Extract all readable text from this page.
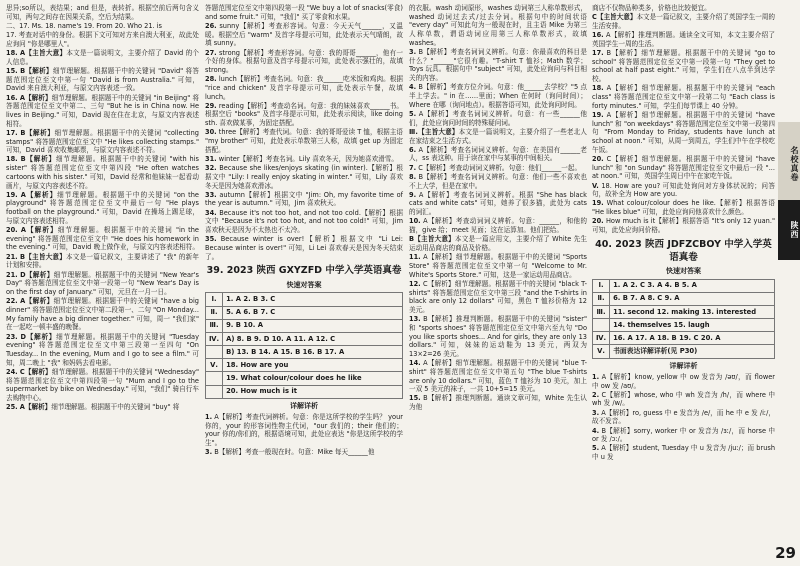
思异;so所以，表结果；and 但是，表转折。根据空前后两句含义可知，两句之间存在因果关系，空后为结果。
二、17. Ms. 18. name's 19. From 20. Who 21. is
17. 考查对话中的身份。根据下文可知对方来自澳大利亚，故此处应询问 "你是哪里人"。
18. A【主旨大意】本文是一篇说明文，主要介绍了 David 的个人信息。
15. B【解析】细节理解题。根据题干中的关键词 "David" 将答题范围定位至文中第一句 "David is from Australia." 可知，David 来自澳大利亚，与原文内容表述一致。
16. A【解析】细节理解题。根据题干中的关键词 "in Beijing" 将答题范围定位至文中第二、三句 "But he is in China now. He lives in Beijing." 可知，David 现在住在北京，与原文内容表述相符。
17. B【解析】细节理解题。根据题干中的关键词 "collecting stamps" 将答题范围定位至文中 "He likes collecting stamps." 可知，David 喜欢收集邮票，与原文内容表述不符。
18. B【解析】细节理解题。根据题干中的关键词 "with his sister" 将答题范围定位至文中第四段 "He often watches cartoons with his sister." 可知，David 经常和他妹妹一起看动画片，与原文内容表述不符。
19. A【解析】细节理解题。根据题干中的关键词 "on the playground" 将答题范围定位至文中最后一句 "He plays football on the playground." 可知，David 在操场上踢足球，与原文内容表述相符。
20. A【解析】细节理解题。根据题干中的关键词 "in the evening" 将答题范围定位至文中 "He does his homework in the evening." 可知，David 晚上做作业，与原文内容表述相符。
21. B【主旨大意】本文是一篇记叙文，主要讲述了 "我" 的新年计划和安排。
21. D【解析】细节理解题。根据题干中的关键词 "New Year's Day" 将答题范围定位至文中第一段第一句 "New Year's Day is on the first day of January." 可知，元旦在一月一日。
22. A【解析】细节理解题。根据题干中的关键词 "have a big dinner" 将答题范围定位至文中第二段第一、二句 "On Monday... My family have a big dinner together." 可知，周一 "我们家" 在一起吃一顿丰盛的晚餐。
23. D【解析】细节理解题。根据题干中的关键词 "Tuesday evening" 将答题范围定位至文中第三段第一至四句 "On Tuesday... In the evening, Mum and I go to see a film." 可知，周二晚上 "我" 和妈妈去看电影。
24. C【解析】细节理解题。根据题干中的关键词 "Wednesday" 将答题范围定位至文中第四段第一句 "Mum and I go to the supermarket by bike on Wednesday." 可知，"我们" 骑自行车去购物中心。
25. A【解析】细节理解题。根据题干中的关键词 "buy" 将
答题范围定位至文中第四段第一段 "We buy a lot of snacks(零食) and some fruit." 可知，"我们" 买了零食和水果。
26. sunny【解析】考查形容词。句意：今天天气______，又温暖。根据空后 "warm" 及首字母提示可知，此处表示天气晴朗，故填 sunny。
27. strong【解析】考查形容词。句意：我的哥哥______，他有一个好的身体。根据句意及首字母提示可知，此处表示强壮的，故填 strong。
28. lunch【解析】考查名词。句意：我______吃米饭和鸡肉。根据 "rice and chicken" 及首字母提示可知，此处表示午餐，故填 lunch。
29. reading【解析】考查动名词。句意：我的妹妹喜欢______书。根据空后 "books" 及首字母提示可知，此处表示阅读，like doing sth. 喜欢做某事，为固定搭配。
30. three【解析】考查代词。句意：我的哥哥爱读 T 恤，根据主语 "my brother" 可知，此处表示单数第三人称，故填 get up 为固定搭配。
31. winter【解析】考查名词。Lily 喜欢冬天，因为她喜欢滑雪。
32. Because she likes/enjoys skating (in winter).【解析】根据文中 "Lily: I really enjoy skating in winter." 可知，Lily 喜欢冬天是因为她喜欢滑冰。
33. autumn【解析】根据文中 "Jim: Oh, my favorite time of the year is autumn." 可知，Jim 喜欢秋天。
34. Because it's not too hot, and not too cold.【解析】根据文中 "Because it's not too hot, and not too cold!" 可知，Jim 喜欢秋天是因为不太热也不太冷。
35. Because winter is over!【解析】根据文中 "Li Lei: Because winter is over!" 可知，Li Lei 喜欢春天是因为冬天结束了。
39. 2023 陕西 GXYZFD 中学入学英语真卷
快速对答案
Ⅰ.	1. A 2. B 3. C
Ⅱ.	5. A 6. B 7. C
Ⅲ.	9. B 10. A
Ⅳ.	A) 8. B 9. D 10. A 11. A 12. C
	B) 13. B 14. A 15. B 16. B 17. A
Ⅴ.	18. How are you
	19. What colour/colour does he like
	20. How much is it
详解详析
1. A【解析】考查代词辨析。句意：你是这所学校的学生吗？ your 你的，your 的形容词性物主代词，"our 我们的；their 他们的；your 你的/你们的，根据语境可知，此处应表达 "你是这所学校的学生"。
3. B【解析】考查一般现在时。句意：Mike 每天______他
的衣服。wash 动词原形，washes 动词第三人称单数形式，washed 动词过去式/过去分词。根据句中的时间状语 "every day" 可知此句为一般现在时，且主语 Mike 为第三人称单数，谓语动词应用第三人称单数形式，故填 washes。
3. B【解析】考查名词词义辨析。句意：你最喜欢的科目是什么？"______"它很有趣。"T-shirt T 恤衫；Math 数学；Toys 玩具。根据句中 "subject" 可知，此处应询问与科目相关的内容。
4. B【解析】考查方位介词。句意：他______去学校？"5 点半上学去。" in 在……里面；When 在何时（询问时间）；Where 在哪（询问地点）。根据答语可知，此处询问时间。
5. A【解析】考查名词词义辨析。句意：有一些______他们，此处应询问时间的特殊疑问词。
Ⅲ.【主旨大意】本文是一篇说明文，主要介绍了一些老北人在家结束之生活方式。
6. A【解析】考查名词词义辨析。句意：在美国有______老人，ss 表这种。用于读在家中与某事的中间相关。
7. C【解析】考查动词词义辨析。句意：他们______一起。
8. B【解析】考查名词词义辨析。句意：他们一些不喜欢也不上大学，但是在家中。
9. A【解析】考查名词词义辨析。根据 "She has black cats and white cats" 可知，她养了很多猫，此处为 cats 的词汇。
10. A【解析】考查动词词义辨析。句意：______，和他的猫，give 给；meet 见面；这在运算加。他们把给。
B【主旨大意】本文是一篇应用文，主要介绍了 White 先生运动用品商店的商品及价格。
11. A【解析】细节理解题。根据题干中的关键词 "Sports Store" 将答题范围定位至文中第一句 "Welcome to Mr. White's Sports Store." 可知，这是一家运动用品商店。
12. C【解析】细节理解题。根据题干中的关键词 "black T-shirts" 将答题范围定位至文中第三段 "and the T-shirts in black are only 12 dollars" 可知，黑色 T 恤衫价格为 12 美元。
13. B【解析】推理判断题。根据题干中的关键词 "sister" 和 "sports shoes" 将答题范围定位至文中第六至九句 "Do you like sports shoes... And for girls, they are only 13 dollars." 可知，妹妹的运动鞋为 13 美元，两双为 13×2=26 美元。
14. A【解析】细节理解题。根据题干中的关键词 "blue T-shirt" 将答题范围定位至文中第五句 "The blue T-shirts are only 10 dollars." 可知，蓝色 T 恤衫为 10 美元，加上一双 5 美元的袜子，一共 10+5=15 美元。
15. B【解析】推理判断题。通读文章可知，White 先生认为他
商店不仅物品种类多，价格也比较便宜。
C【主旨大意】本文是一篇记叙文，主要介绍了英国学生一周的生活安排。
16. A【解析】推理判断题。通读全文可知，本文主要介绍了英国学生一周的生活。
17. B【解析】细节理解题。根据题干中的关键词 "go to school" 将答题范围定位至文中第一段第一句 "They get to school at half past eight." 可知，学生们在八点半到达学校。
18. A【解析】细节理解题。根据题干中的关键词 "each class" 将答题范围定位至文中第一段第二句 "Each class is forty minutes." 可知，学生们每节课上 40 分钟。
19. A【解析】细节理解题。根据题干中的关键词 "have lunch" 和 "on weekdays" 将答题范围定位至文中第一段第四句 "From Monday to Friday, students have lunch at school at noon." 可知，从周一到周五，学生们中午在学校吃午饭。
20. C【解析】细节理解题。根据题干中的关键词 "have lunch" 和 "on Sunday" 将答题范围定位至文中最后一段 "... at noon." 可知，英国学生周日中午在家吃午饭。
V. 18. How are you? 可知此处询问对方身体状况的；问答句，故补全为 How are you.
19. What colour/colour does he like.【解析】根据答语 "He likes blue" 可知，此处应询问他喜欢什么颜色。
20. How much is it【解析】根据答语 "It's only 12 yuan." 可知，此处应询问价格。
40. 2023 陕西 JDFZCBOY 中学入学英语真卷
快速对答案
Ⅰ.	1. A 2. C 3. A 4. B 5. A
Ⅱ.	6. B 7. A 8. C 9. A
Ⅲ.	11. second 12. making 13. interested
	14. themselves 15. laugh
Ⅳ.	16. A 17. A 18. B 19. C 20. A
Ⅴ.	书面表达详解详析(见 P30)
详解详析
1. A【解析】know, yellow 中 ow 发音为 /əʊ/，而 flower 中 ow 发 /aʊ/。
2. C【解析】whose, who 中 wh 发音为 /h/，而 where 中 wh 发 /w/。
3. A【解析】ro, guess 中 e 发音为 /e/，而 he 中 e 发 /iː/，故不发音。
4. B【解析】sorry, worker 中 or 发音为 /ɜː/，而 horse 中 or 发 /ɔː/。
5. A【解析】student, Tuesday 中 u 发音为 /juː/；而 brush 中 u 发
名校真卷
陕西
29
